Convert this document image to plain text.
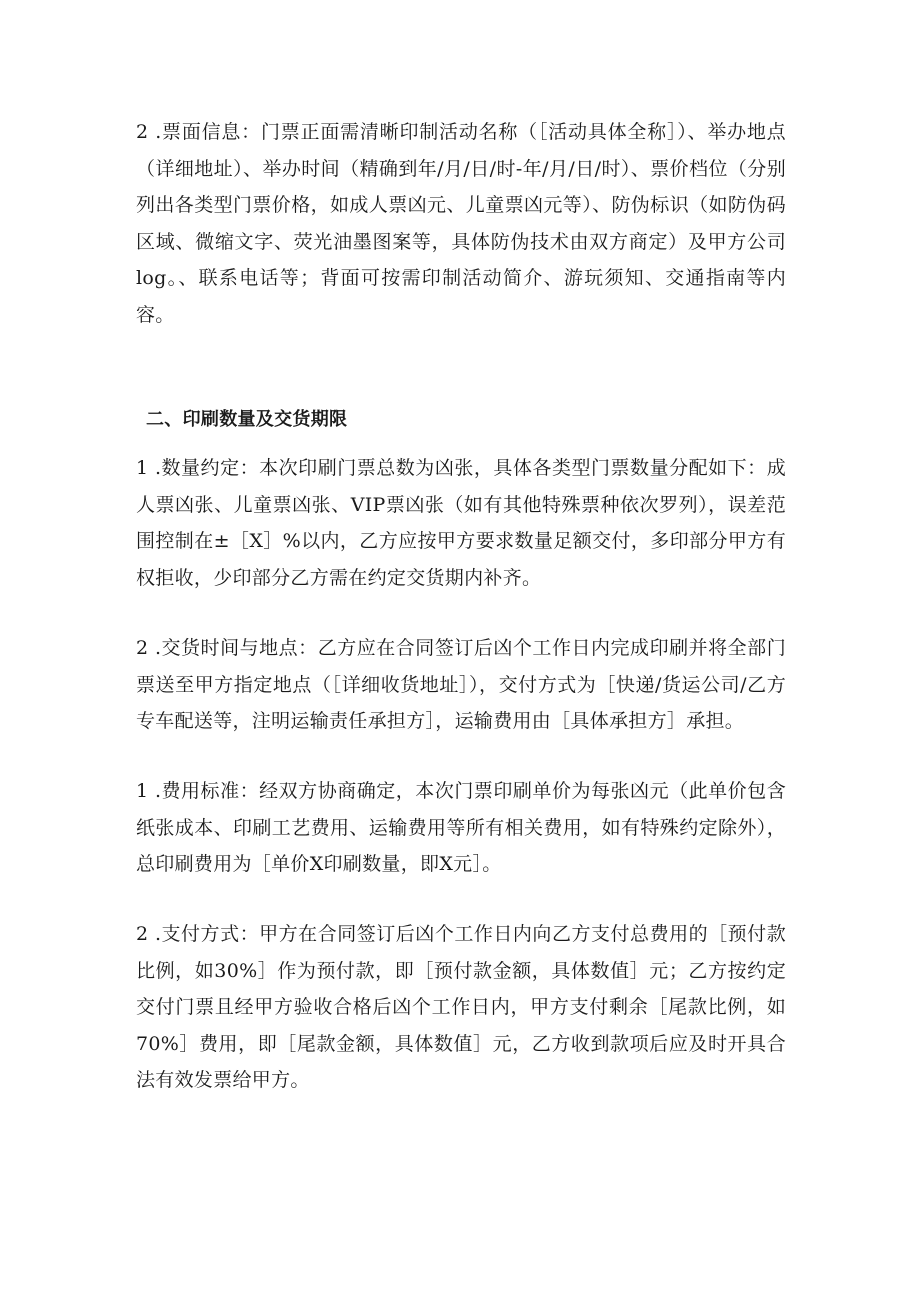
2 .票面信息：门票正面需清晰印制活动名称（［活动具体全称］）、举办地点（详细地址）、举办时间（精确到年/月/日/时-年/月/日/时）、票价档位（分别列出各类型门票价格，如成人票凶元、儿童票凶元等）、防伪标识（如防伪码区域、微缩文字、荧光油墨图案等，具体防伪技术由双方商定）及甲方公司log。、联系电话等；背面可按需印制活动简介、游玩须知、交通指南等内容。

二、印刷数量及交货期限

1 .数量约定：本次印刷门票总数为凶张，具体各类型门票数量分配如下：成人票凶张、儿童票凶张、VIP票凶张（如有其他特殊票种依次罗列），误差范围控制在±［X］%以内，乙方应按甲方要求数量足额交付，多印部分甲方有权拒收，少印部分乙方需在约定交货期内补齐。

2 .交货时间与地点：乙方应在合同签订后凶个工作日内完成印刷并将全部门票送至甲方指定地点（［详细收货地址］），交付方式为［快递/货运公司/乙方专车配送等，注明运输责任承担方］，运输费用由［具体承担方］承担。

1 .费用标准：经双方协商确定，本次门票印刷单价为每张凶元（此单价包含纸张成本、印刷工艺费用、运输费用等所有相关费用，如有特殊约定除外），总印刷费用为［单价X印刷数量，即X元］。

2 .支付方式：甲方在合同签订后凶个工作日内向乙方支付总费用的［预付款比例，如30%］作为预付款，即［预付款金额，具体数值］元；乙方按约定交付门票且经甲方验收合格后凶个工作日内，甲方支付剩余［尾款比例，如70%］费用，即［尾款金额，具体数值］元，乙方收到款项后应及时开具合法有效发票给甲方。
